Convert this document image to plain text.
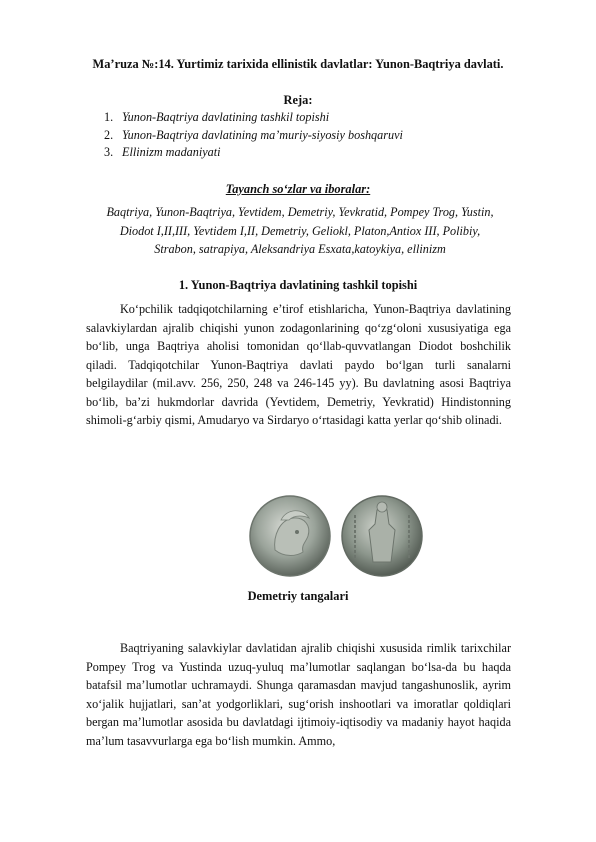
Ma’ruza №:14. Yurtimiz tarixida ellinistik davlatlar: Yunon-Baqtriya davlati.
Reja:
1. Yunon-Baqtriya davlatining tashkil topishi
2. Yunon-Baqtriya davlatining ma’muriy-siyosiy boshqaruvi
3. Ellinizm madaniyati
Tayanch so‘zlar va iboralar:
Baqtriya, Yunon-Baqtriya, Yevtidem, Demetriy, Yevkratid, Pompey Trog, Yustin, Diodot I,II,III, Yevtidem I,II, Demetriy, Geliokl, Platon,Antiox III, Polibiy, Strabon, satrapiya, Aleksandriya Esxata,katoykiya, ellinizm
1. Yunon-Baqtriya davlatining tashkil topishi

Ko‘pchilik tadqiqotchilarning e’tirof etishlaricha, Yunon-Baqtriya davlatining salavkiylardan ajralib chiqishi yunon zodagonlarining qo‘zg‘oloni xususiyatiga ega bo‘lib, unga Baqtriya aholisi tomonidan qo‘llab-quvvatlangan Diodot boshchilik qiladi. Tadqiqotchilar Yunon-Baqtriya davlati paydo bo‘lgan turli sanalarni belgilaydilar (mil.avv. 256, 250, 248 va 246-145 yy). Bu davlatning asosi Baqtriya bo‘lib, ba’zi hukmdorlar davrida (Yevtidem, Demetriy, Yevkratid) Hindistonning shimoli-g‘arbiy qismi, Amudaryo va Sirdaryo o‘rtasidagi katta yerlar qo‘shib olinadi.

Demetriy tangalari

Baqtriyaning salavkiylar davlatidan ajralib chiqishi xususida rimlik tarixchilar Pompey Trog va Yustinda uzuq-yuluq ma’lumotlar saqlangan bo‘lsa-da bu haqda batafsil ma’lumotlar uchramaydi. Shunga qaramasdan mavjud tangashunoslik, ayrim xo‘jalik hujjatlari, san’at yodgorliklari, sug‘orish inshootlari va imoratlar qoldiqlari bergan ma’lumotlar asosida bu davlatdagi ijtimoiy-iqtisodiy va madaniy hayot haqida ma’lum tasavvurlarga ega bo‘lish mumkin. Ammo,
